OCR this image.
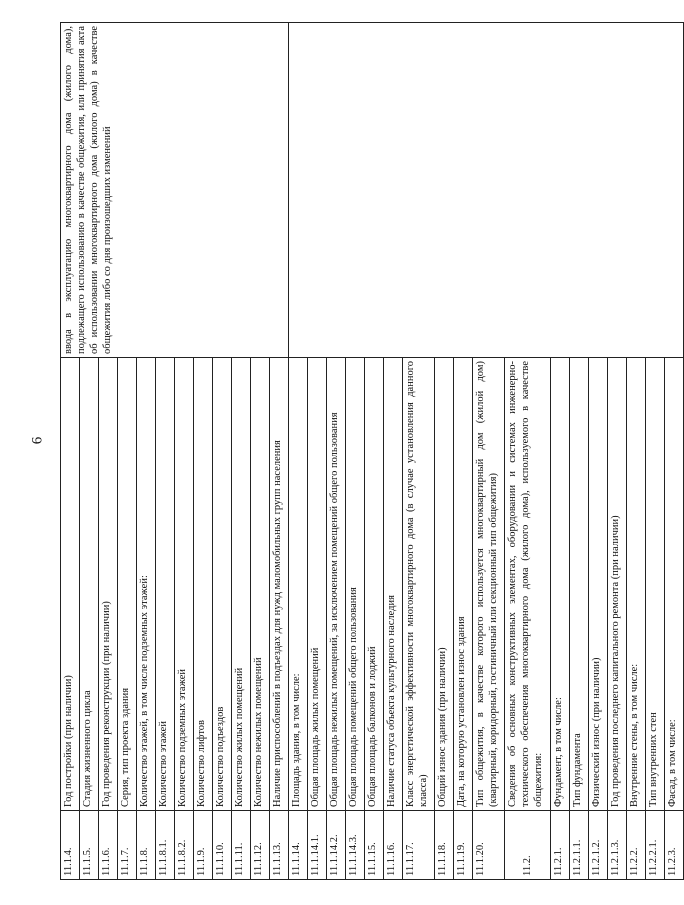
6
11.1.4.	Год постройки (при наличии)	ввода в эксплуатацию многоквартирного дома (жилого дома), подлежащего использованию в качестве общежития, или принятия акта об использовании многоквартирного дома (жилого дома) в качестве общежития либо со дня произошедших изменений
11.1.5.	Стадия жизненного цикла	
11.1.6.	Год проведения реконструкции (при наличии)	
11.1.7.	Серия, тип проекта здания	
11.1.8.	Количество этажей, в том числе подземных этажей:	
11.1.8.1.	Количество этажей	
11.1.8.2.	Количество подземных этажей	
11.1.9.	Количество лифтов	
11.1.10.	Количество подъездов	
11.1.11.	Количество жилых помещений	
11.1.12.	Количество нежилых помещений	
11.1.13.	Наличие приспособлений в подъездах для нужд маломобильных групп населения	
11.1.14.	Площадь здания, в том числе:	
11.1.14.1.	Общая площадь жилых помещений	
11.1.14.2.	Общая площадь нежилых помещений, за исключением помещений общего пользования	
11.1.14.3.	Общая площадь помещений общего пользования	
11.1.15.	Общая площадь балконов и лоджий	
11.1.16.	Наличие статуса объекта культурного наследия	
11.1.17.	Класс энергетической эффективности многоквартирного дома (в случае установления данного класса)	
11.1.18.	Общий износ здания (при наличии)	
11.1.19.	Дата, на которую установлен износ здания	
11.1.20.	Тип общежития, в качестве которого используется многоквартирный дом (жилой дом) (квартирный, коридорный, гостиничный или секционный тип общежития)	
11.2.	Сведения об основных конструктивных элементах, оборудовании и системах инженерно-технического обеспечения многоквартирного дома (жилого дома), используемого в качестве общежития:	
11.2.1.	Фундамент, в том числе:	
11.2.1.1.	Тип фундамента	
11.2.1.2.	Физический износ (при наличии)	
11.2.1.3.	Год проведения последнего капитального ремонта (при наличии)	
11.2.2.	Внутренние стены, в том числе:	
11.2.2.1.	Тип внутренних стен	
11.2.3.	Фасад, в том числе:	
